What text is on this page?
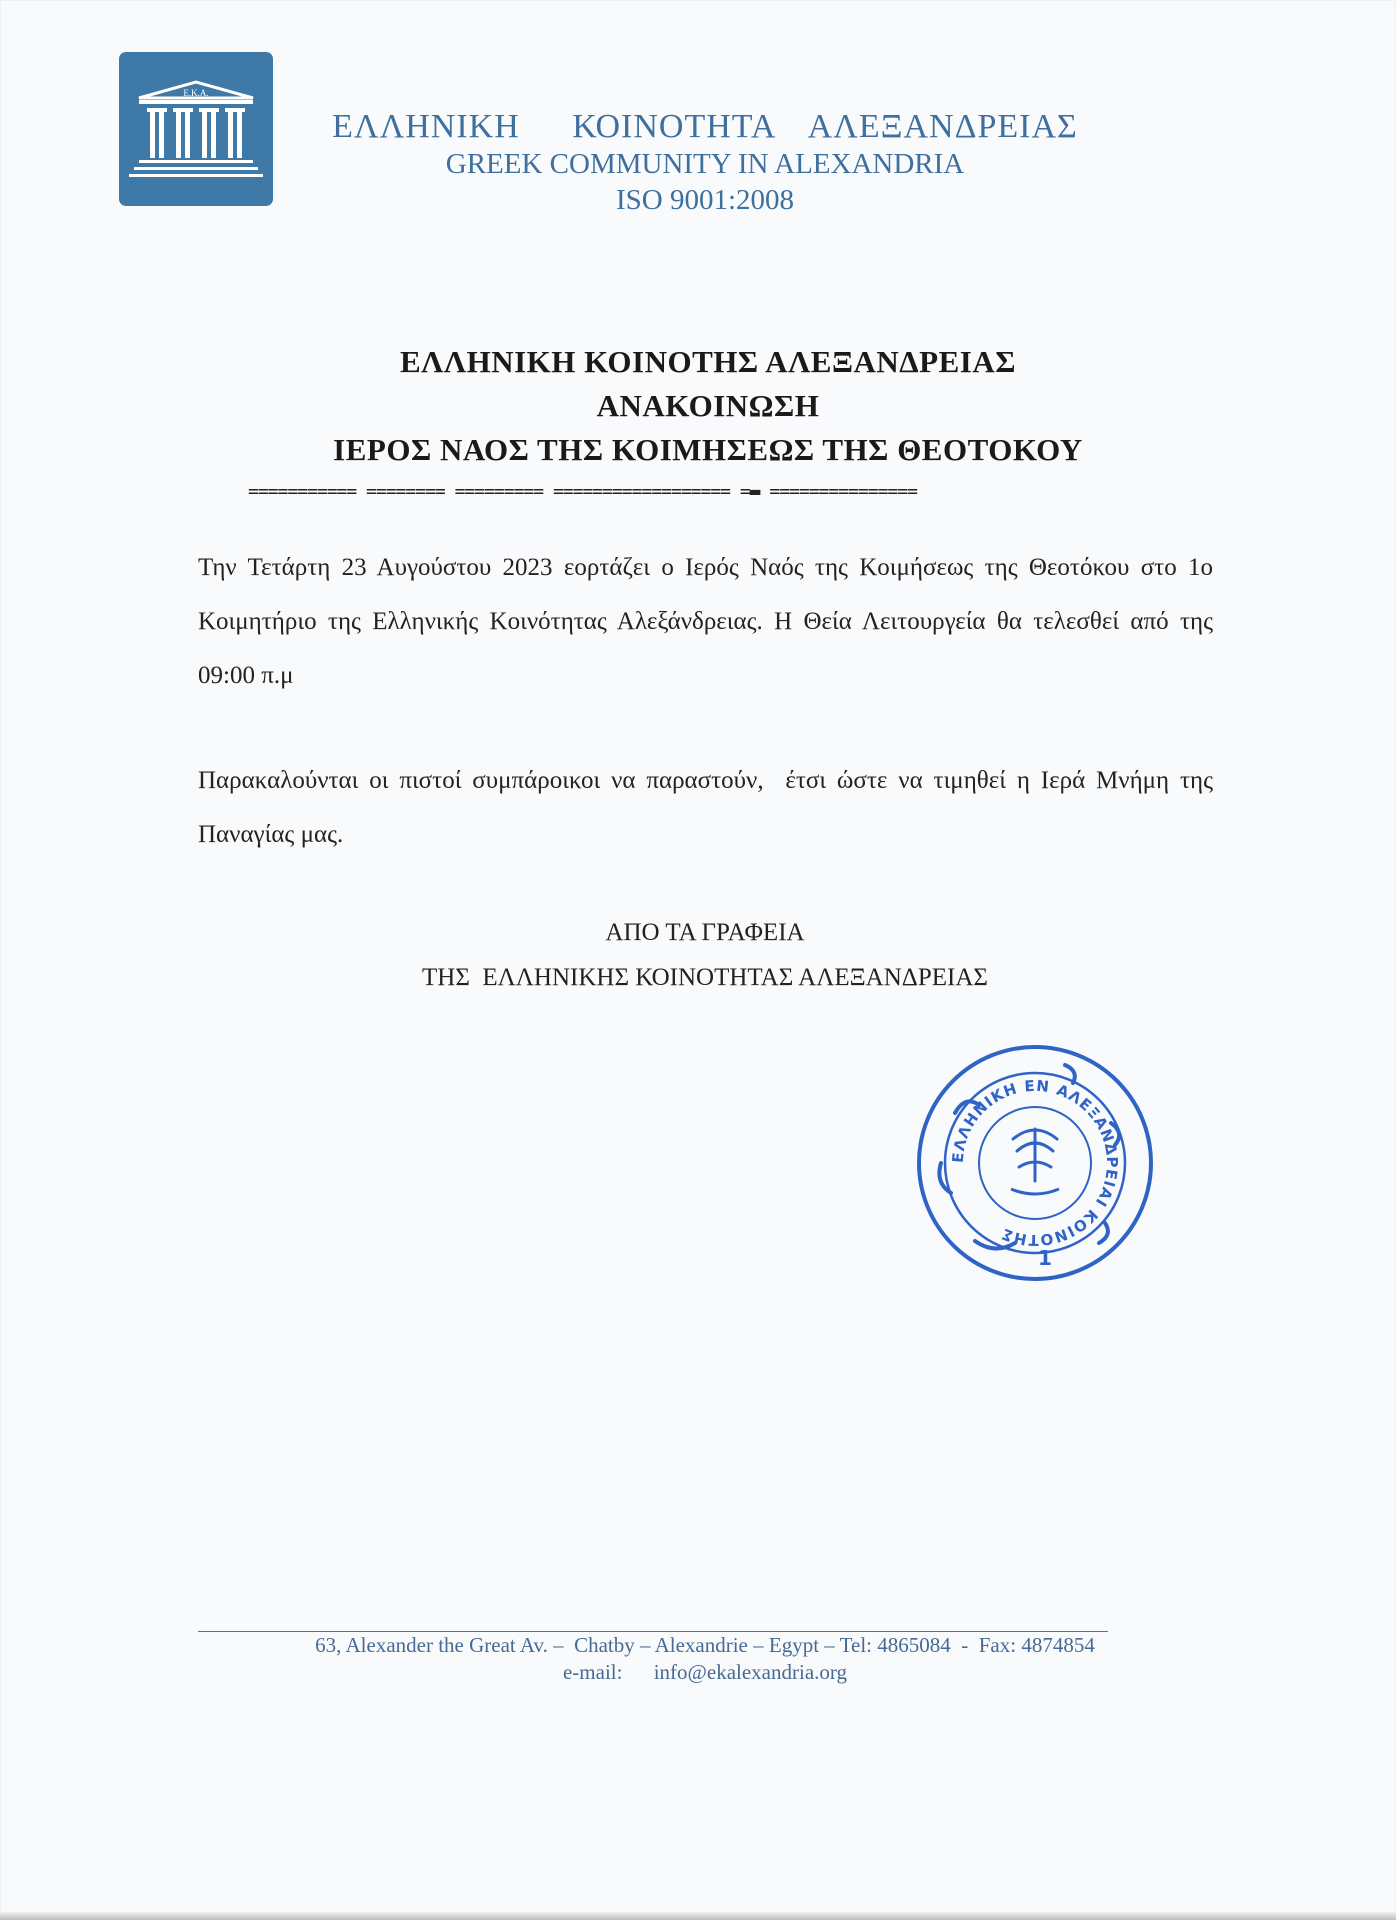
E.K.A.
ΕΛΛΗΝΙΚΗ   ΚΟΙΝΟΤΗΤΑ  ΑΛΕΞΑΝΔΡΕΙΑΣ
GREEK COMMUNITY IN ALEXANDRIA
ISO 9001:2008
ΕΛΛΗΝΙΚΗ ΚΟΙΝΟΤΗΣ ΑΛΕΞΑΝΔΡΕΙΑΣ
ΑΝΑΚΟΙΝΩΣΗ
ΙΕΡΟΣ ΝΑΟΣ ΤΗΣ ΚΟΙΜΗΣΕΩΣ ΤΗΣ ΘΕΟΤΟΚΟΥ
=========== ======== ========= ================== =▬ ===============
Την Τετάρτη 23 Αυγούστου 2023 εορτάζει ο Ιερός Ναός της Κοιμήσεως της Θεοτόκου στο 1ο Κοιμητήριο της Ελληνικής Κοινότητας Αλεξάνδρειας. Η Θεία Λειτουργεία θα τελεσθεί από της  09:00 π.μ
Παρακαλούνται οι πιστοί συμπάροικοι να παραστούν,  έτσι ώστε να τιμηθεί η Ιερά Μνήμη της Παναγίας μας.
ΑΠΟ ΤΑ ΓΡΑΦΕΙΑ
ΤΗΣ  ΕΛΛΗΝΙΚΗΣ ΚΟΙΝΟΤΗΤΑΣ ΑΛΕΞΑΝΔΡΕΙΑΣ
ΕΛΛΗΝΙΚΗ ΕΝ ΑΛΕΞΑΝΔΡΕΙΑΙ ΚΟΙΝΟΤΗΣ
1
63, Alexander the Great Av. –  Chatby – Alexandrie – Egypt – Tel: 4865084  -  Fax: 4874854
e-mail: info@ekalexandria.org
